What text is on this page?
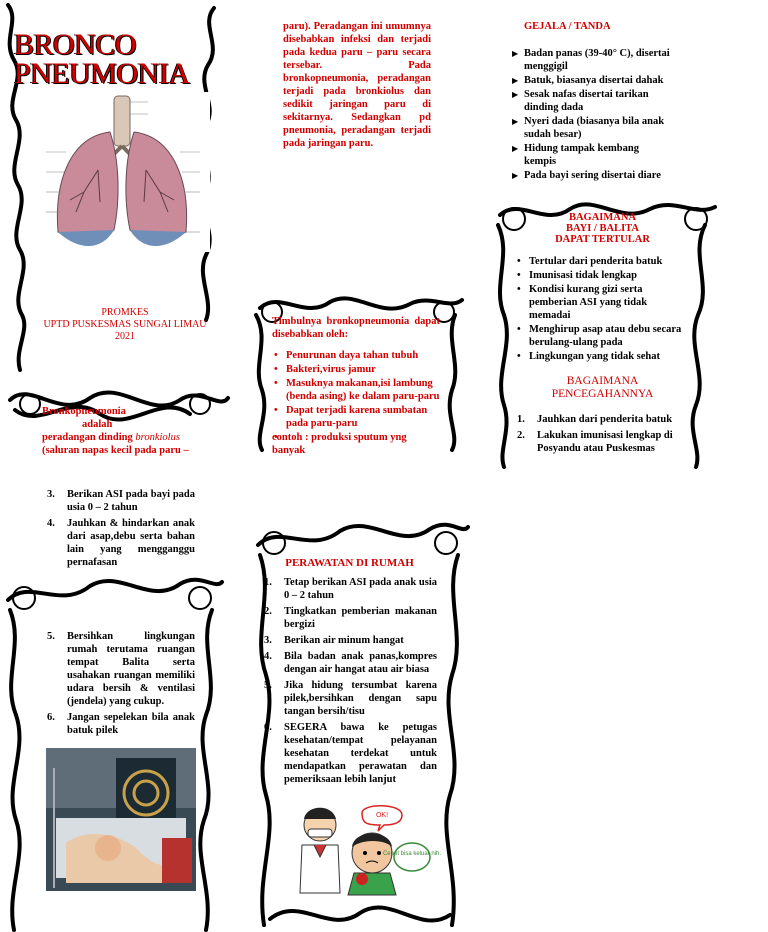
BRONCO
PNEUMONIA
PROMKES
UPTD PUSKESMAS SUNGAI LIMAU
2021
Bronkopneumonia adalah
peradangan dinding bronkiolus
(saluran napas kecil pada paru –
paru). Peradangan ini umumnya disebabkan infeksi dan terjadi pada kedua paru – paru secara tersebar. Pada bronkopneumonia, peradangan terjadi pada bronkiolus dan sedikit jaringan paru di sekitarnya. Sedangkan pd pneumonia, peradangan terjadi pada jaringan paru.
Timbulnya bronkopneumonia dapat disebabkan oleh:
• Penurunan daya tahan tubuh
• Bakteri,virus jamur
• Masuknya makanan,isi lambung (benda asing) ke dalam paru-paru
• Dapat terjadi karena sumbatan pada paru-paru
• contoh : produksi sputum yng banyak
GEJALA / TANDA
▶ Badan panas (39-40° C), disertai menggigil
▶ Batuk, biasanya disertai dahak
▶ Sesak nafas disertai tarikan dinding dada
▶ Nyeri dada (biasanya bila anak sudah besar)
▶ Hidung tampak kembang kempis
▶ Pada bayi sering disertai diare
BAGAIMANA
BAYI / BALITA
DAPAT TERTULAR
• Tertular dari penderita batuk
• Imunisasi tidak lengkap
• Kondisi kurang gizi serta pemberian ASI yang tidak memadai
• Menghirup asap atau debu secara berulang-ulang pada
• Lingkungan yang tidak sehat
BAGAIMANA
PENCEGAHANNYA
1. Jauhkan dari penderita batuk
2. Lakukan imunisasi lengkap di Posyandu atau Puskesmas
3. Berikan ASI pada bayi pada usia 0 – 2 tahun
4. Jauhkan & hindarkan anak dari asap,debu serta bahan lain yang mengganggu pernafasan
5. Bersihkan lingkungan rumah terutama ruangan tempat Balita serta usahakan ruangan memiliki udara bersih & ventilasi (jendela) yang cukup.
6. Jangan sepelekan bila anak batuk pilek
PERAWATAN DI RUMAH
1. Tetap berikan ASI pada anak usia 0 – 2 tahun
2. Tingkatkan pemberian makanan bergizi
3. Berikan air minum hangat
4. Bila badan anak panas,kompres dengan air hangat atau air biasa
5. Jika hidung tersumbat karena pilek,bersihkan dengan sapu tangan bersih/tisu
6. SEGERA bawa ke petugas kesehatan/tempat pelayanan kesehatan terdekat untuk mendapatkan perawatan dan pemeriksaan lebih lanjut
OK!
Cepet bisa keluar nih.
